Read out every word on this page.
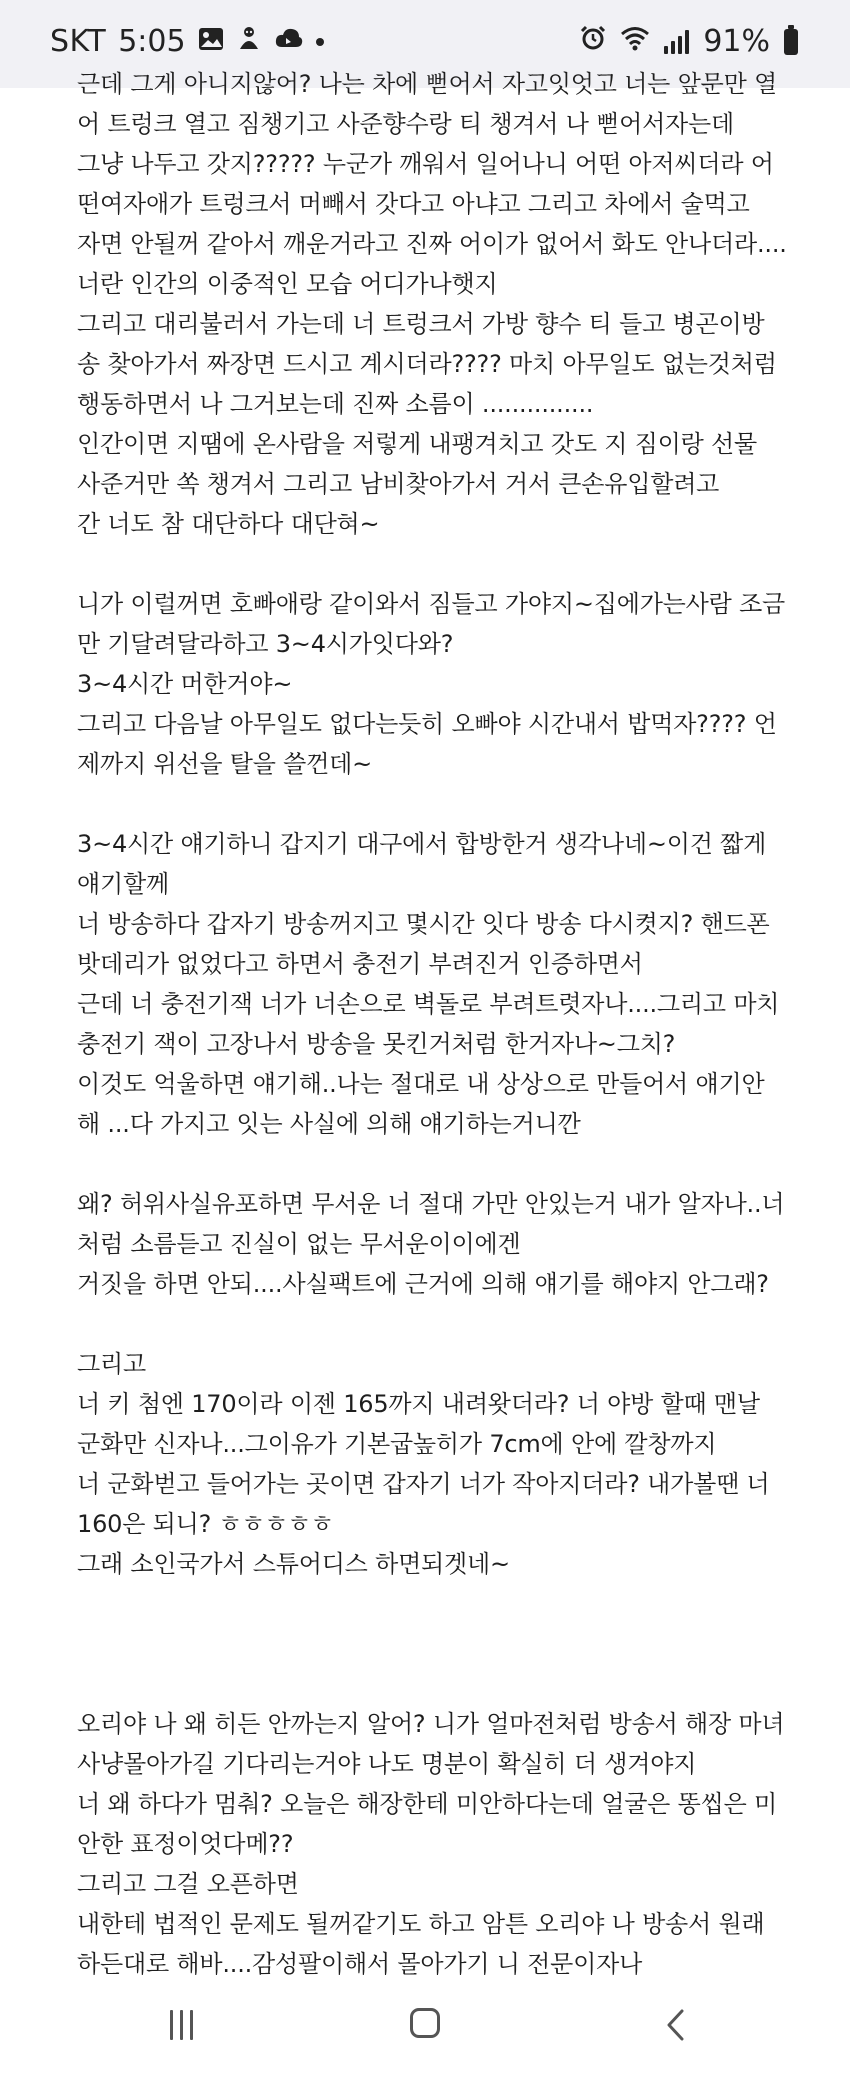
SKT 5:05	91%
근데 그게 아니지않어? 나는 차에 뻗어서 자고잇엇고 너는 앞문만 열
어 트렁크 열고 짐챙기고 사준향수랑 티 챙겨서 나 뻗어서자는데
그냥 나두고 갓지????? 누군가 깨워서 일어나니 어떤 아저씨더라 어
떤여자애가 트렁크서 머빼서 갓다고 아냐고 그리고 차에서 술먹고
자면 안될꺼 같아서 깨운거라고 진짜 어이가 없어서 화도 안나더라....
너란 인간의 이중적인 모습 어디가나햇지
그리고 대리불러서 가는데 너 트렁크서 가방 향수 티 들고 병곤이방
송 찾아가서 짜장면 드시고 계시더라???? 마치 아무일도 없는것처럼
행동하면서 나 그거보는데 진짜 소름이 ...............
인간이면 지땜에 온사람을 저렇게 내팽겨치고 갓도 지 짐이랑 선물
사준거만 쏙 챙겨서 그리고 남비찾아가서 거서 큰손유입할려고
간 너도 참 대단하다 대단혀~
니가 이럴꺼면 호빠애랑 같이와서 짐들고 가야지~집에가는사람 조금
만 기달려달라하고 3~4시가잇다와?
3~4시간 머한거야~
그리고 다음날 아무일도 없다는듯히 오빠야 시간내서 밥먹자???? 언
제까지 위선을 탈을 쓸껀데~
3~4시간 얘기하니 갑지기 대구에서 합방한거 생각나네~이건 짧게
얘기할께
너 방송하다 갑자기 방송꺼지고 몇시간 잇다 방송 다시켯지? 핸드폰
밧데리가 없었다고 하면서 충전기 부려진거 인증하면서
근데 너 충전기잭 너가 너손으로 벽돌로 부려트렷자나....그리고 마치
충전기 잭이 고장나서 방송을 못킨거처럼 한거자나~그치?
이것도 억울하면 얘기해..나는 절대로 내 상상으로 만들어서 얘기안
해 ...다 가지고 잇는 사실에 의해 얘기하는거니깐
왜? 허위사실유포하면 무서운 너 절대 가만 안있는거 내가 알자나..너
처럼 소름듣고 진실이 없는 무서운이이에겐
거짓을 하면 안되....사실팩트에 근거에 의해 얘기를 해야지 안그래?
그리고
너 키 첨엔 170이라 이젠 165까지 내려왓더라? 너 야방 할때 맨날
군화만 신자나...그이유가 기본굽높히가 7cm에 안에 깔창까지
너 군화벋고 들어가는 곳이면 갑자기 너가 작아지더라? 내가볼땐 너
160은 되니? ㅎㅎㅎㅎㅎ
그래 소인국가서 스튜어디스 하면되겟네~
오리야 나 왜 히든 안까는지 알어? 니가 얼마전처럼 방송서 해장 마녀
사냥몰아가길 기다리는거야 나도 명분이 확실히 더 생겨야지
너 왜 하다가 멈춰? 오늘은 해장한테 미안하다는데 얼굴은 똥씹은 미
안한 표정이엇다메??
그리고 그걸 오픈하면
내한테 법적인 문제도 될꺼같기도 하고 암튼 오리야 나 방송서 원래
하든대로 해바....감성팔이해서 몰아가기 니 전문이자나
